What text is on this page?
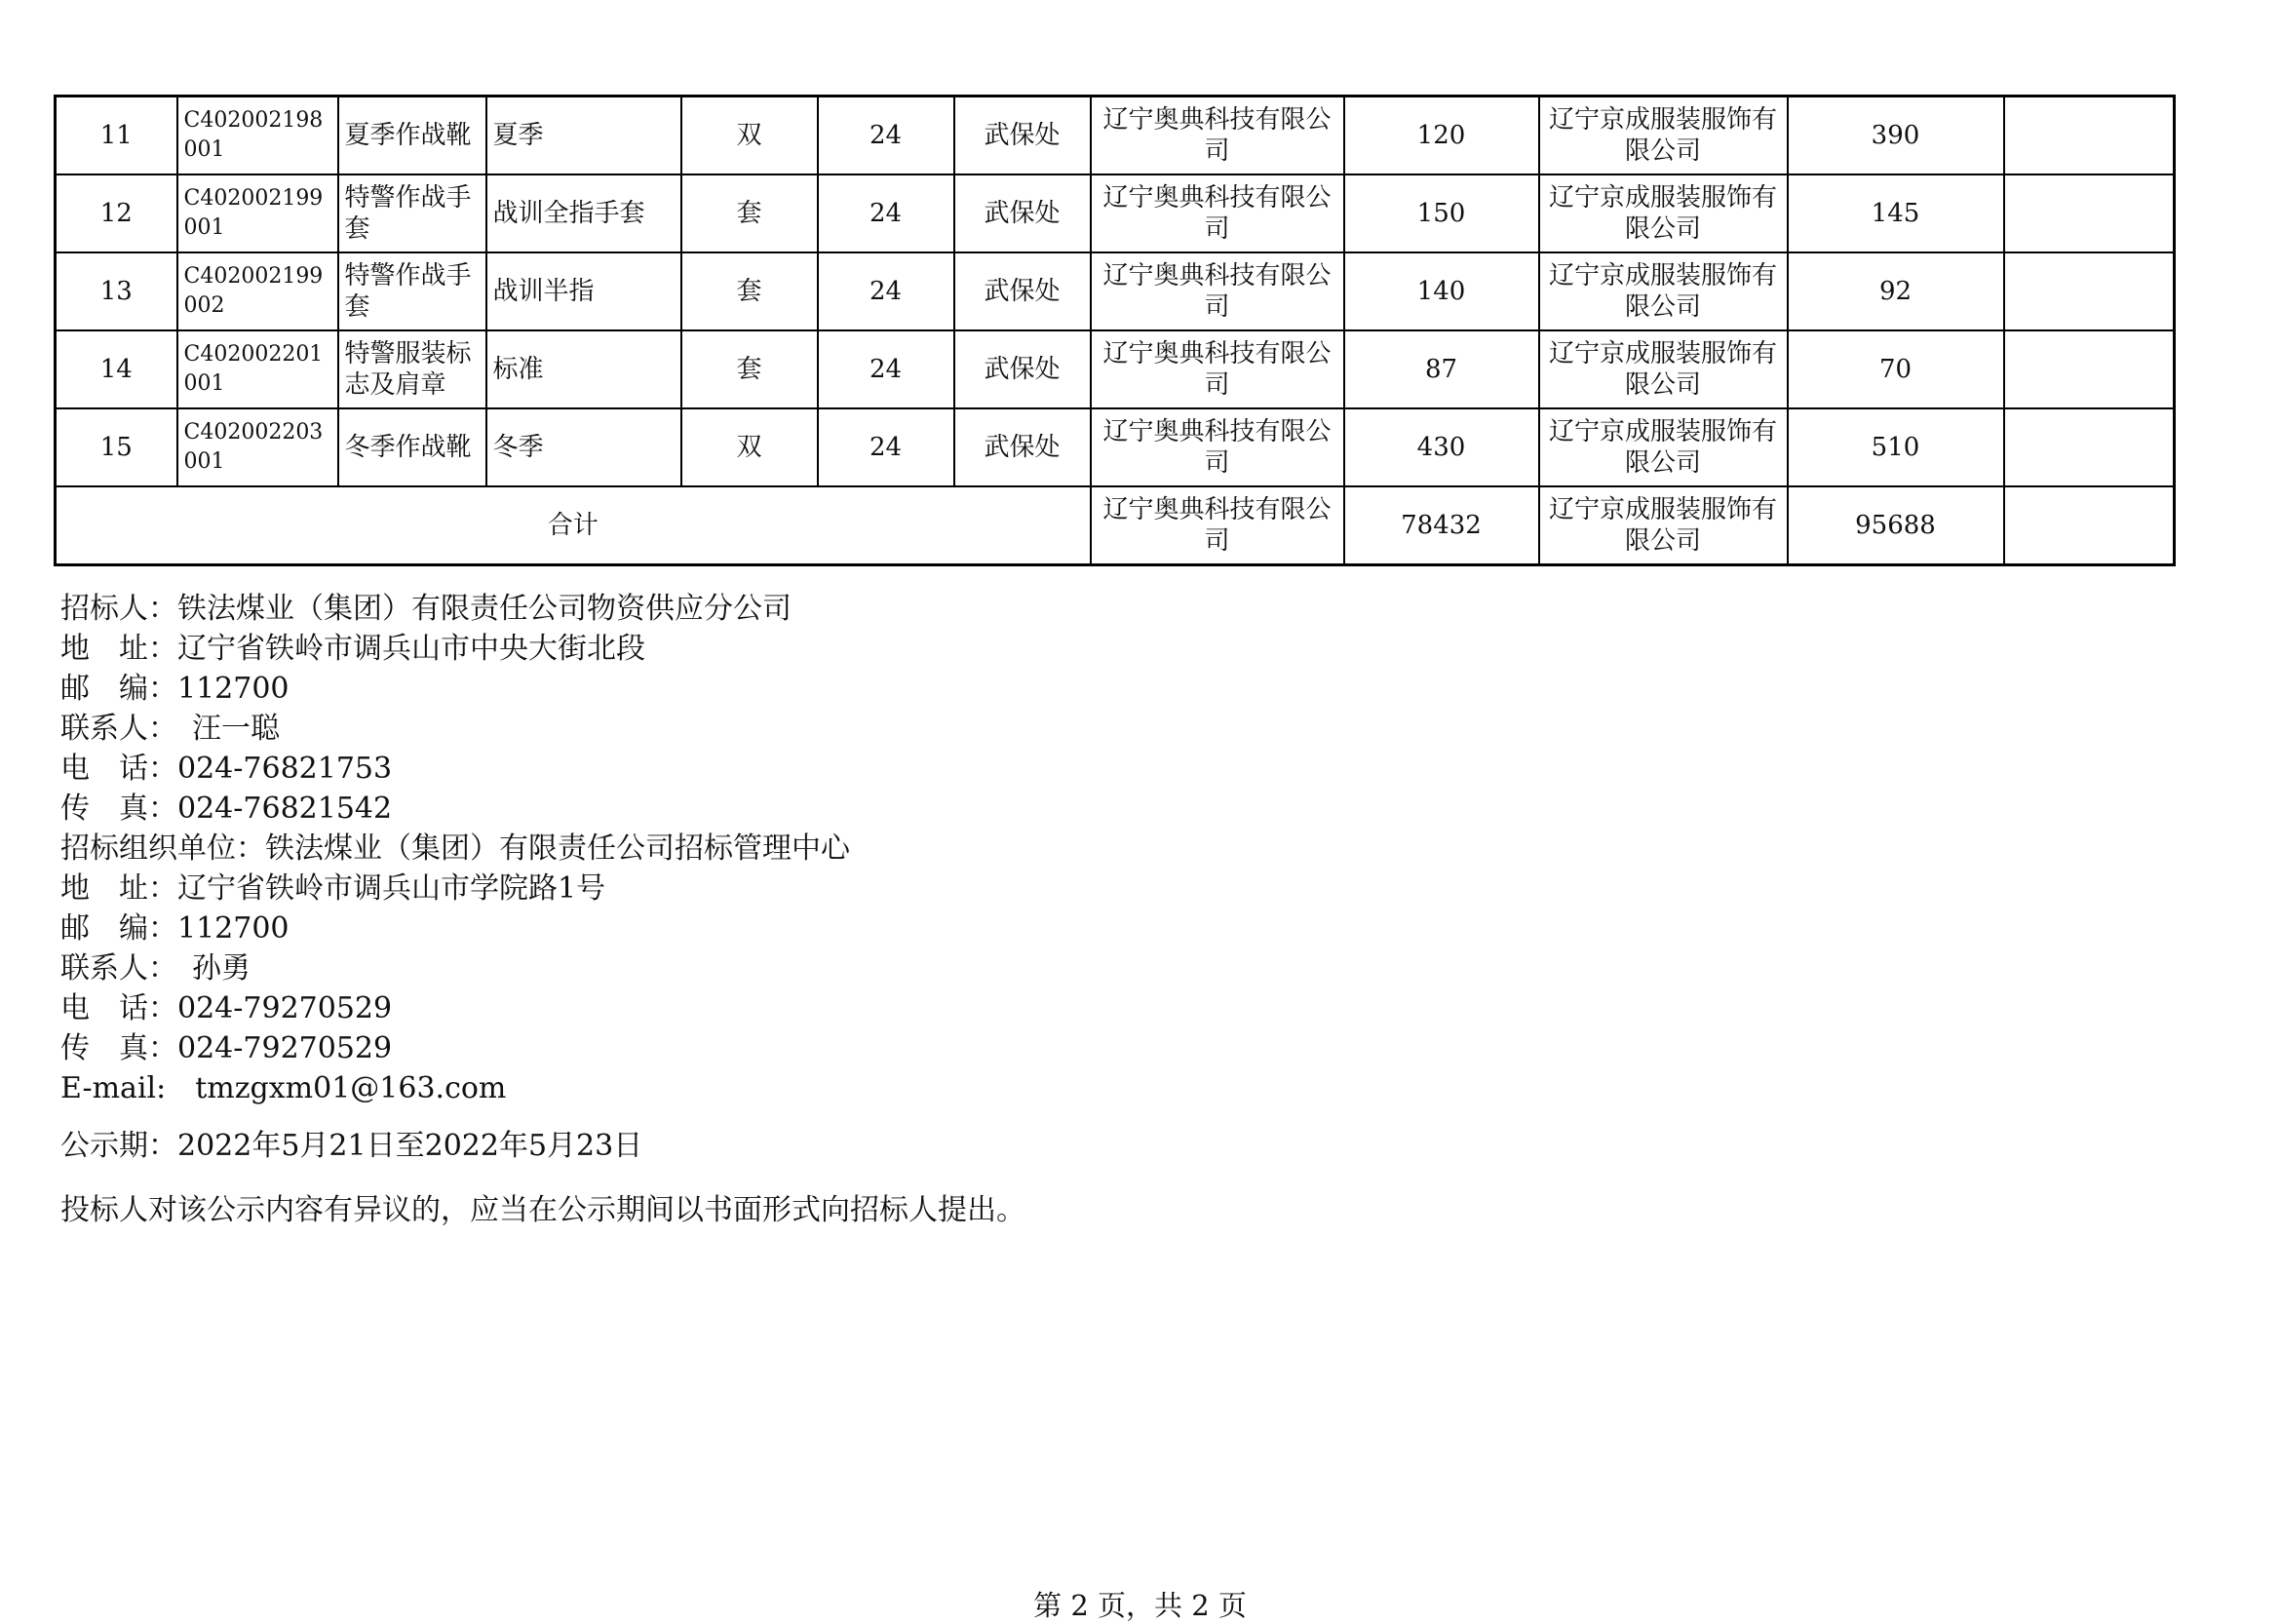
11	C402002198001	夏季作战靴	夏季	双	24	武保处	辽宁奥典科技有限公司	120	辽宁京成服装服饰有限公司	390	
12	C402002199001	特警作战手套	战训全指手套	套	24	武保处	辽宁奥典科技有限公司	150	辽宁京成服装服饰有限公司	145	
13	C402002199002	特警作战手套	战训半指	套	24	武保处	辽宁奥典科技有限公司	140	辽宁京成服装服饰有限公司	92	
14	C402002201001	特警服装标志及肩章	标准	套	24	武保处	辽宁奥典科技有限公司	87	辽宁京成服装服饰有限公司	70	
15	C402002203001	冬季作战靴	冬季	双	24	武保处	辽宁奥典科技有限公司	430	辽宁京成服装服饰有限公司	510	
合计							辽宁奥典科技有限公司	78432	辽宁京成服装服饰有限公司	95688	
招标人：铁法煤业（集团）有限责任公司物资供应分公司
地　址：辽宁省铁岭市调兵山市中央大街北段
邮　编：112700
联系人：　汪一聪
电　话：024-76821753
传　真：024-76821542
招标组织单位：铁法煤业（集团）有限责任公司招标管理中心
地　址：辽宁省铁岭市调兵山市学院路1号
邮　编：112700
联系人：　孙勇
电　话：024-79270529
传　真：024-79270529
E-mail:　tmzgxm01@163.com
公示期：2022年5月21日至2022年5月23日
投标人对该公示内容有异议的，应当在公示期间以书面形式向招标人提出。
第 2 页，共 2 页
